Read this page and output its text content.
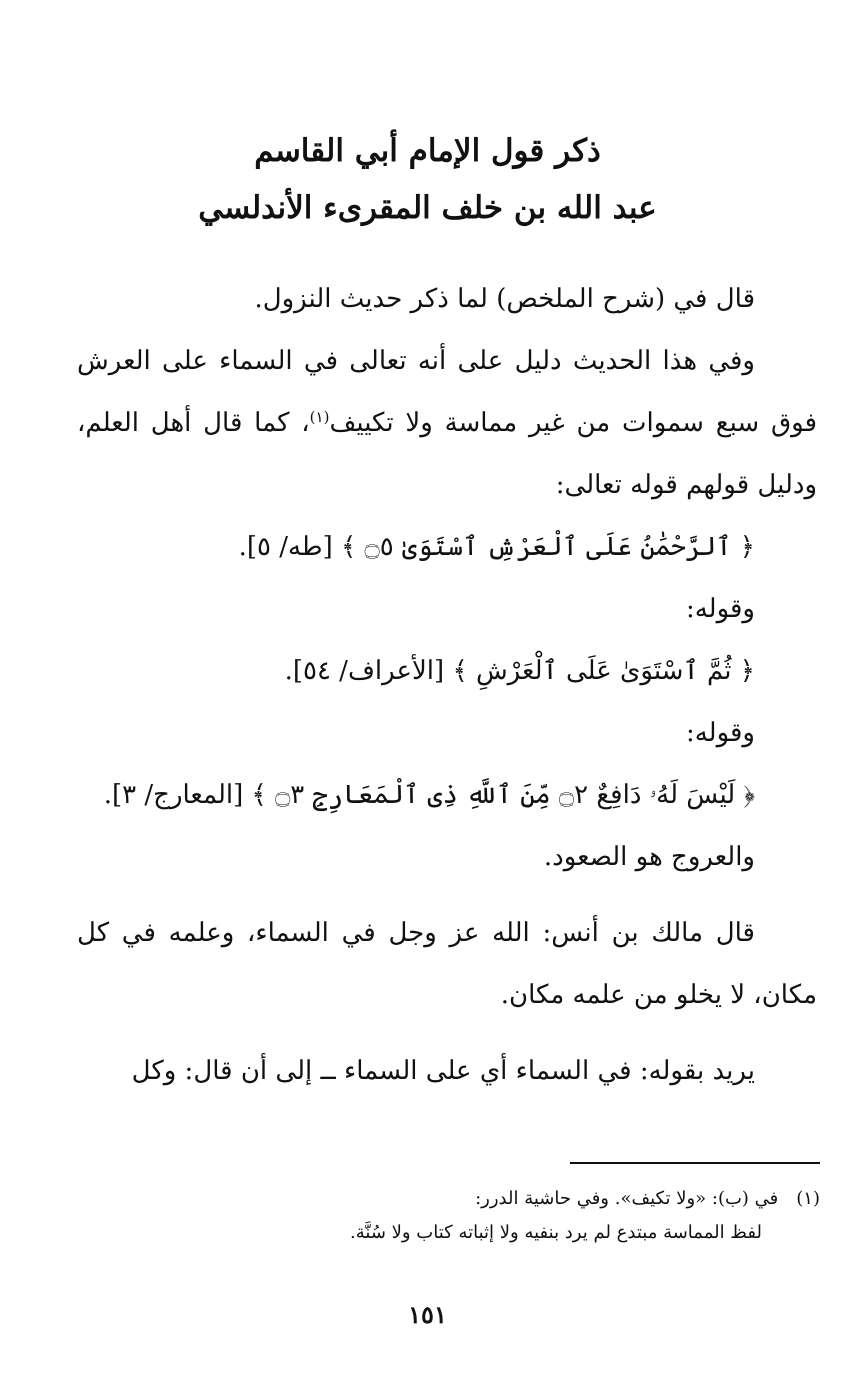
ذكر قول الإمام أبي القاسم
عبد الله بن خلف المقرىء الأندلسي

قال في (شرح الملخص) لما ذكر حديث النزول.

وفي هذا الحديث دليل على أنه تعالى في السماء على العرش فوق سبع سموات من غير مماسة ولا تكييف$^{(١)}$، كما قال أهل العلم، ودليل قولهم قوله تعالى:

﴿ ٱلرَّحْمَٰنُ عَلَى ٱلْعَرْشِ ٱسْتَوَىٰ ۝٥ ﴾ [طه/ ٥].

وقوله:

﴿ ثُمَّ ٱسْتَوَىٰ عَلَى ٱلْعَرْشِ ﴾ [الأعراف/ ٥٤].

وقوله:

﴿ لَيْسَ لَهُۥ دَافِعٌ ۝٢ مِّنَ ٱللَّهِ ذِى ٱلْمَعَارِجِ ۝٣ ﴾ [المعارج/ ٣].

والعروج هو الصعود.

قال مالك بن أنس: الله عز وجل في السماء، وعلمه في كل مكان، لا يخلو من علمه مكان.

يريد بقوله: في السماء أي على السماء ــ إلى أن قال: وكل

(١)في (ب): «ولا تكيف». وفي حاشية الدرر:

لفظ المماسة مبتدع لم يرد بنفيه ولا إثباته كتاب ولا سُنَّة.

١٥١
